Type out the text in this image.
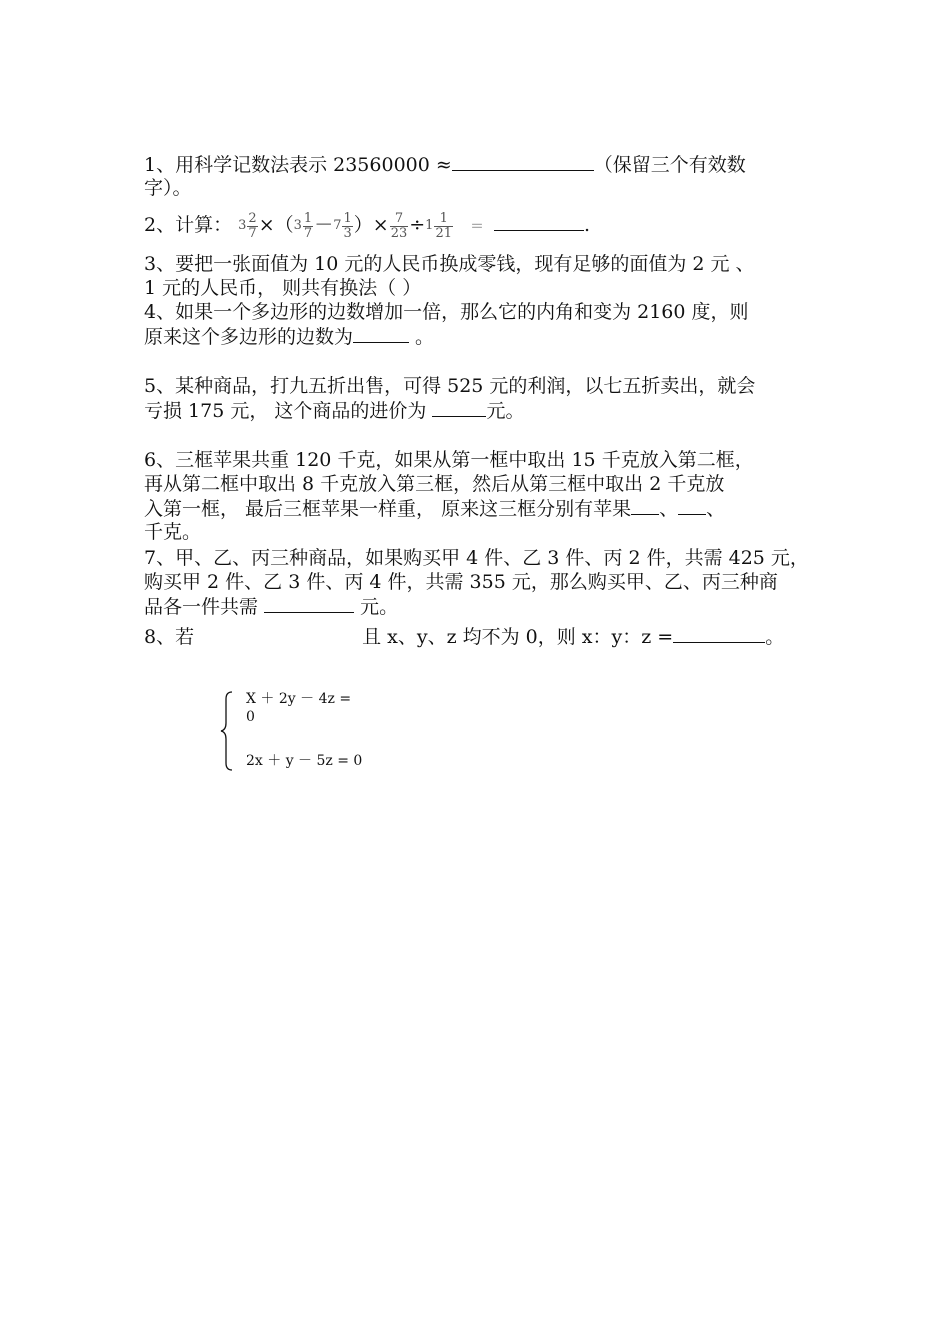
1、用科学记数法表示 23560000 ≈	（保留三个有效数
字）。
2、计算： $3 \frac{2}{7} \times(3 \frac{1}{7} -7 \frac{1}{3}$ ）× $\frac{7}{23} \div 1 \frac{1}{21}$ ＝	.
3、要把一张面值为 10 元的人民币换成零钱，现有足够的面值为 2 元 、
1 元的人民币， 则共有换法（ ）
4、如果一个多边形的边数增加一倍，那么它的内角和变为 2160 度，则
原来这个多边形的边数为	。
5、某种商品，打九五折出售，可得 525 元的利润，以七五折卖出，就会
亏损 175 元， 这个商品的进价为	元。
6、三框苹果共重 120 千克，如果从第一框中取出 15 千克放入第二框，
再从第二框中取出 8 千克放入第三框，然后从第三框中取出 2 千克放
入第一框， 最后三框苹果一样重， 原来这三框分别有苹果 、 、
千克。
7、甲、乙、丙三种商品，如果购买甲 4 件、乙 3 件、丙 2 件，共需 425 元，
购买甲 2 件、乙 3 件、丙 4 件，共需 355 元，那么购买甲、乙、丙三种商
品各一件共需	元。
8、若	且 x、y、z 均不为 0，则 x：y：z =	。
X ＋ 2y － 4z =
0
2x ＋ y － 5z = 0
